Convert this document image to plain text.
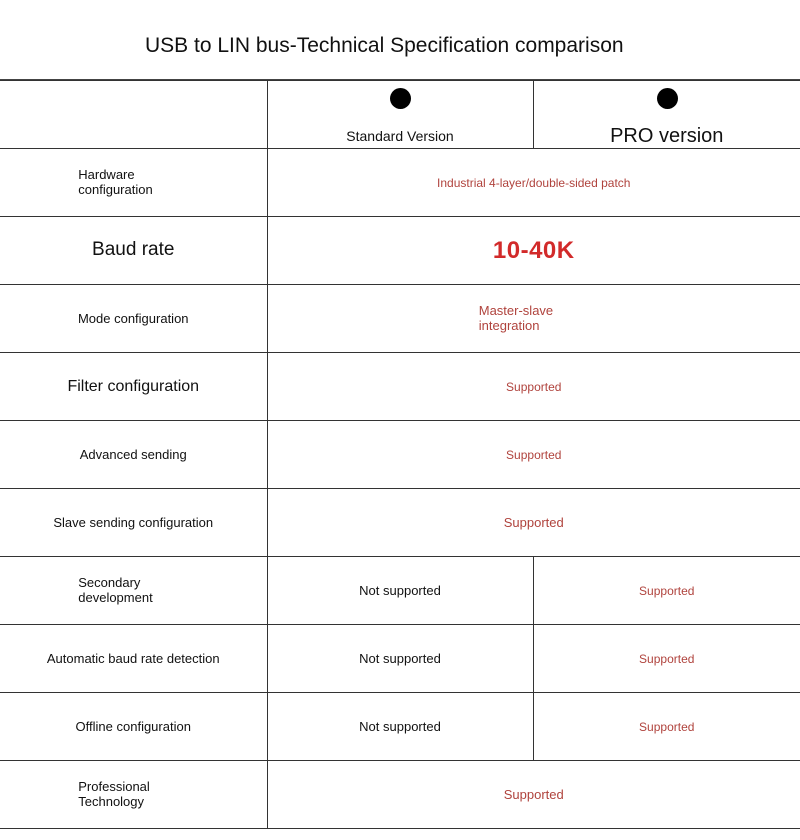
USB to LIN bus-Technical Specification comparison

	Standard Version	PRO version

Hardware configuration	Industrial 4-layer/double-sided patch	
Baud rate	10-40K	
Mode configuration	Master-slave integration	
Filter configuration	Supported	
Advanced sending	Supported	
Slave sending configuration	Supported	
Secondary development	Not supported	Supported
Automatic baud rate detection	Not supported	Supported
Offline configuration	Not supported	Supported
Professional Technology	Supported	
